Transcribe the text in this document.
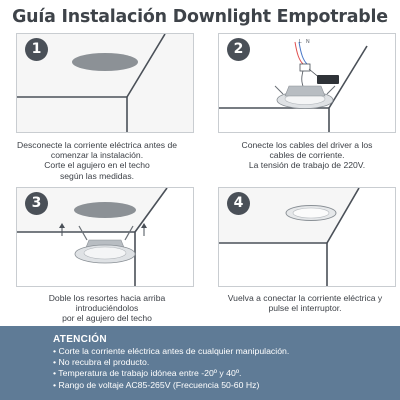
Guía Instalación Downlight Empotrable
1
Desconecte la corriente eléctrica antes de
comenzar la instalación.
Corte el agujero en el techo
según las medidas.
L N
2
Conecte los cables del driver a los
cables de corriente.
La tensión de trabajo de 220V.
3
Doble los resortes hacia arriba
introduciéndolos
por el agujero del techo
4
Vuelva a conectar la corriente eléctrica y
pulse el interruptor.
ATENCIÓN
• Corte la corriente eléctrica antes de cualquier manipulación.
• No recubra el producto.
• Temperatura de trabajo idónea entre -20º y 40º.
• Rango de voltaje AC85-265V (Frecuencia 50-60 Hz)
